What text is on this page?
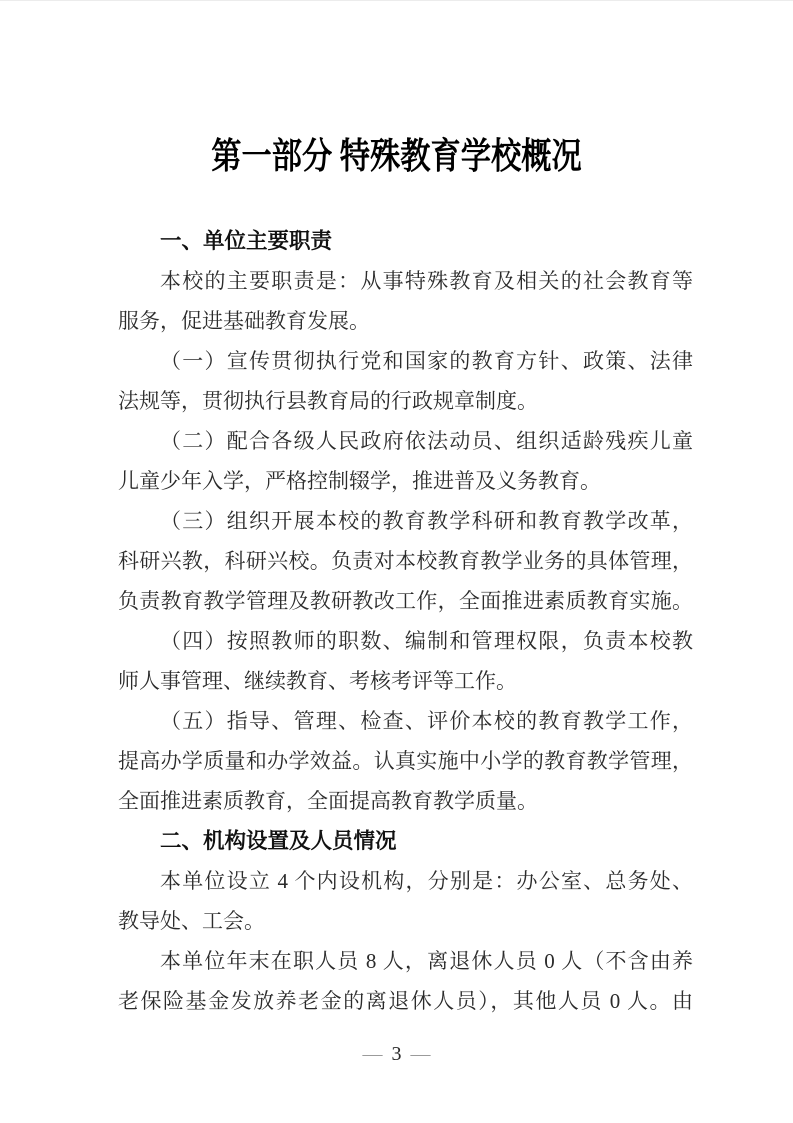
第一部分 特殊教育学校概况
一、单位主要职责
本校的主要职责是：从事特殊教育及相关的社会教育等
服务，促进基础教育发展。
（一）宣传贯彻执行党和国家的教育方针、政策、法律
法规等，贯彻执行县教育局的行政规章制度。
（二）配合各级人民政府依法动员、组织适龄残疾儿童
儿童少年入学，严格控制辍学，推进普及义务教育。
（三）组织开展本校的教育教学科研和教育教学改革，
科研兴教，科研兴校。负责对本校教育教学业务的具体管理，
负责教育教学管理及教研教改工作，全面推进素质教育实施。
（四）按照教师的职数、编制和管理权限，负责本校教
师人事管理、继续教育、考核考评等工作。
（五）指导、管理、检查、评价本校的教育教学工作，
提高办学质量和办学效益。认真实施中小学的教育教学管理，
全面推进素质教育，全面提高教育教学质量。
二、机构设置及人员情况
本单位设立 4 个内设机构，分别是：办公室、总务处、
教导处、工会。
本单位年末在职人员 8 人，离退休人员 0 人（不含由养
老保险基金发放养老金的离退休人员），其他人员 0 人。由
— 3 —
